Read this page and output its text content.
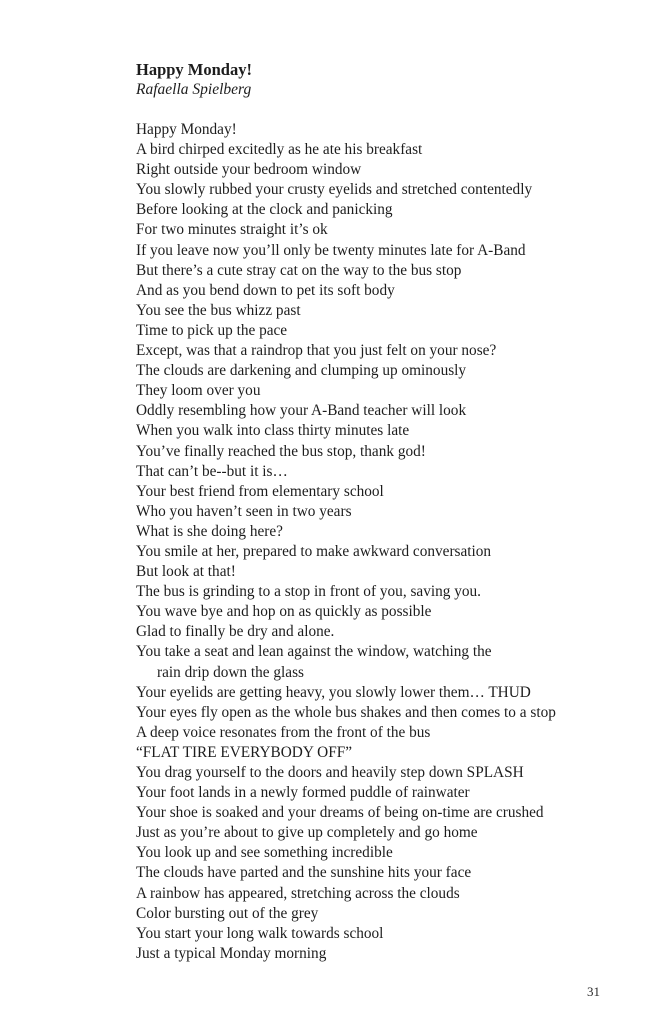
Happy Monday!

Rafaella Spielberg

Happy Monday!
A bird chirped excitedly as he ate his breakfast
Right outside your bedroom window
You slowly rubbed your crusty eyelids and stretched contentedly
Before looking at the clock and panicking
For two minutes straight it’s ok
If you leave now you’ll only be twenty minutes late for A-Band
But there’s a cute stray cat on the way to the bus stop
And as you bend down to pet its soft body
You see the bus whizz past
Time to pick up the pace
Except, was that a raindrop that you just felt on your nose?
The clouds are darkening and clumping up ominously
They loom over you
Oddly resembling how your A-Band teacher will look
When you walk into class thirty minutes late
You’ve finally reached the bus stop, thank god!
That can’t be--but it is…
Your best friend from elementary school
Who you haven’t seen in two years
What is she doing here?
You smile at her, prepared to make awkward conversation
But look at that!
The bus is grinding to a stop in front of you, saving you.
You wave bye and hop on as quickly as possible
Glad to finally be dry and alone.
You take a seat and lean against the window, watching the
rain drip down the glass
Your eyelids are getting heavy, you slowly lower them… THUD
Your eyes fly open as the whole bus shakes and then comes to a stop
A deep voice resonates from the front of the bus
“FLAT TIRE EVERYBODY OFF”
You drag yourself to the doors and heavily step down SPLASH
Your foot lands in a newly formed puddle of rainwater
Your shoe is soaked and your dreams of being on-time are crushed
Just as you’re about to give up completely and go home
You look up and see something incredible
The clouds have parted and the sunshine hits your face
A rainbow has appeared, stretching across the clouds
Color bursting out of the grey
You start your long walk towards school
Just a typical Monday morning
31
